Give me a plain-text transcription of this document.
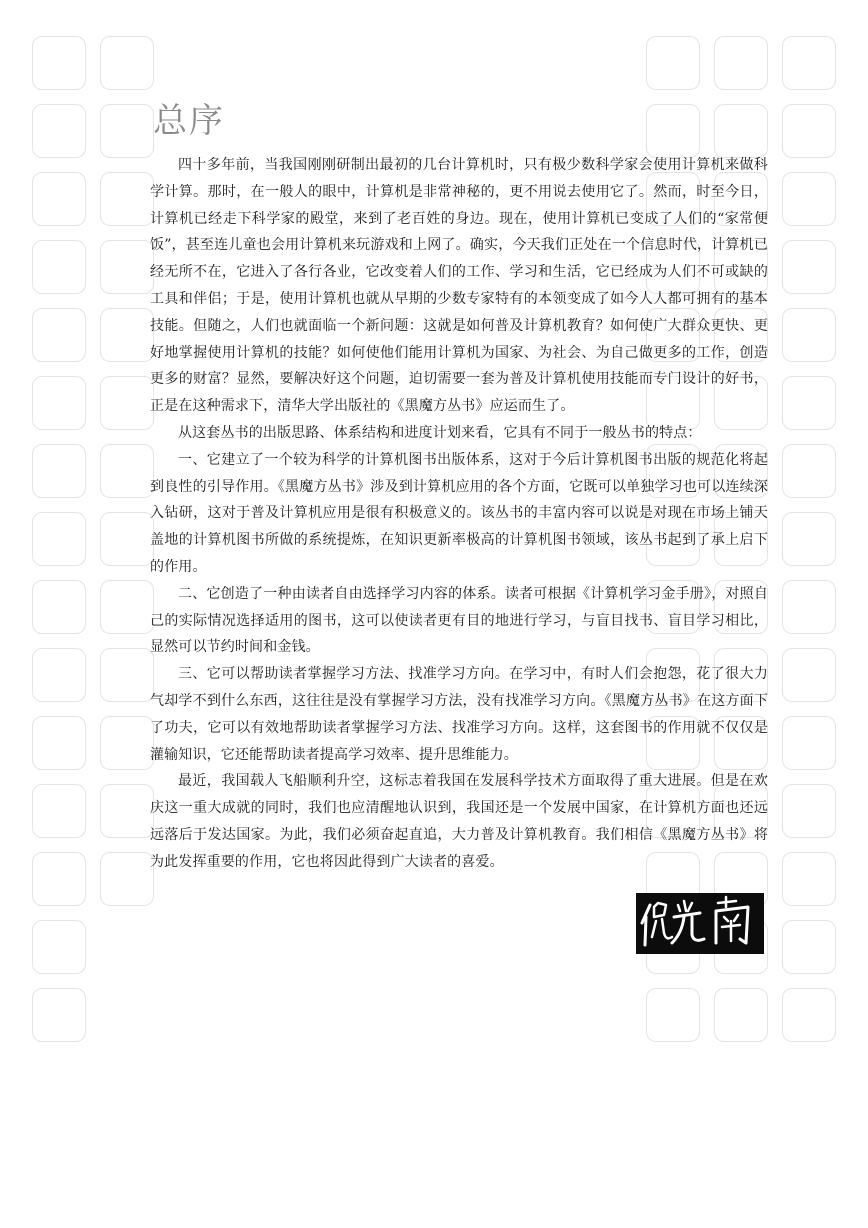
总序

四十多年前，当我国刚刚研制出最初的几台计算机时，只有极少数科学家会使用计算机来做科学计算。那时，在一般人的眼中，计算机是非常神秘的，更不用说去使用它了。然而，时至今日，计算机已经走下科学家的殿堂，来到了老百姓的身边。现在，使用计算机已变成了人们的“家常便饭”，甚至连儿童也会用计算机来玩游戏和上网了。确实，今天我们正处在一个信息时代，计算机已经无所不在，它进入了各行各业，它改变着人们的工作、学习和生活，它已经成为人们不可或缺的工具和伴侣；于是，使用计算机也就从早期的少数专家特有的本领变成了如今人人都可拥有的基本技能。但随之，人们也就面临一个新问题：这就是如何普及计算机教育？如何使广大群众更快、更好地掌握使用计算机的技能？如何使他们能用计算机为国家、为社会、为自己做更多的工作，创造更多的财富？显然，要解决好这个问题，迫切需要一套为普及计算机使用技能而专门设计的好书，正是在这种需求下，清华大学出版社的《黑魔方丛书》应运而生了。

从这套丛书的出版思路、体系结构和进度计划来看，它具有不同于一般丛书的特点：

一、它建立了一个较为科学的计算机图书出版体系，这对于今后计算机图书出版的规范化将起到良性的引导作用。《黑魔方丛书》涉及到计算机应用的各个方面，它既可以单独学习也可以连续深入钻研，这对于普及计算机应用是很有积极意义的。该丛书的丰富内容可以说是对现在市场上铺天盖地的计算机图书所做的系统提炼，在知识更新率极高的计算机图书领域，该丛书起到了承上启下的作用。

二、它创造了一种由读者自由选择学习内容的体系。读者可根据《计算机学习金手册》，对照自己的实际情况选择适用的图书，这可以使读者更有目的地进行学习，与盲目找书、盲目学习相比，显然可以节约时间和金钱。

三、它可以帮助读者掌握学习方法、找准学习方向。在学习中，有时人们会抱怨，花了很大力气却学不到什么东西，这往往是没有掌握学习方法，没有找准学习方向。《黑魔方丛书》在这方面下了功夫，它可以有效地帮助读者掌握学习方法、找准学习方向。这样，这套图书的作用就不仅仅是灌输知识，它还能帮助读者提高学习效率、提升思维能力。

最近，我国载人飞船顺利升空，这标志着我国在发展科学技术方面取得了重大进展。但是在欢庆这一重大成就的同时，我们也应清醒地认识到，我国还是一个发展中国家，在计算机方面也还远远落后于发达国家。为此，我们必须奋起直追，大力普及计算机教育。我们相信《黑魔方丛书》将为此发挥重要的作用，它也将因此得到广大读者的喜爱。
